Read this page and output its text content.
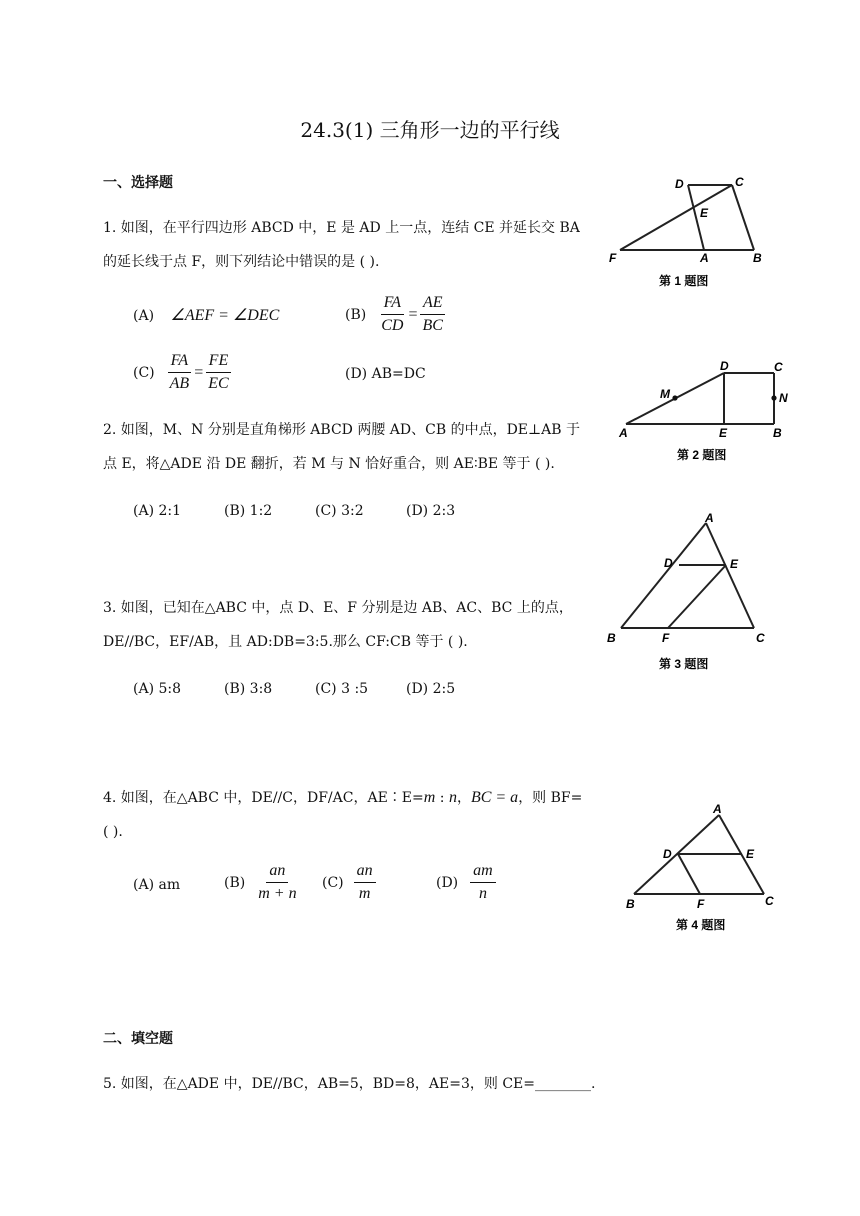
24.3(1) 三角形一边的平行线
一、选择题
1. 如图，在平行四边形 ABCD 中，E 是 AD 上一点，连结 CE 并延长交 BA
的延长线于点 F，则下列结论中错误的是 ( ).
(A) ∠AEF = ∠DEC	$(B) \frac{FA}{CD} = \frac{AE}{BC}$
$(C) \frac{FA}{AB} = \frac{FE}{EC}$	(D) AB=DC
D	C
E
F	A	B
第 1 题图
2. 如图，M、N 分别是直角梯形 ABCD 两腰 AD、CB 的中点，DE⊥AB 于
点 E，将△ADE 沿 DE 翻折，若 M 与 N 恰好重合，则 AE∶BE 等于 ( ).
(A) 2:1	(B) 1:2	(C) 3:2	(D) 2:3
D	C
M	N
A	E	B
第 2 题图
3. 如图，已知在△ABC 中，点 D、E、F 分别是边 AB、AC、BC 上的点，
DE//BC，EF/AB，且 AD:DB=3:5.那么 CF:CB 等于 ( ).
(A) 5:8	(B) 3:8	(C) 3 :5	(D) 2:5
A
D	E
B	F	C
第 3 题图
4. 如图，在△ABC 中，DE//C，DF/AC，AE∶E=m : n，BC = a，则 BF=
( ).
(A) am	$(B) \frac{an}{m + n} (C) \frac{an}{m}$	$(D) \frac{am}{n}$
A
D	E
B	F	C
第 4 题图
二、填空题
5. 如图，在△ADE 中，DE//BC，AB=5，BD=8，AE=3，则 CE=________.
